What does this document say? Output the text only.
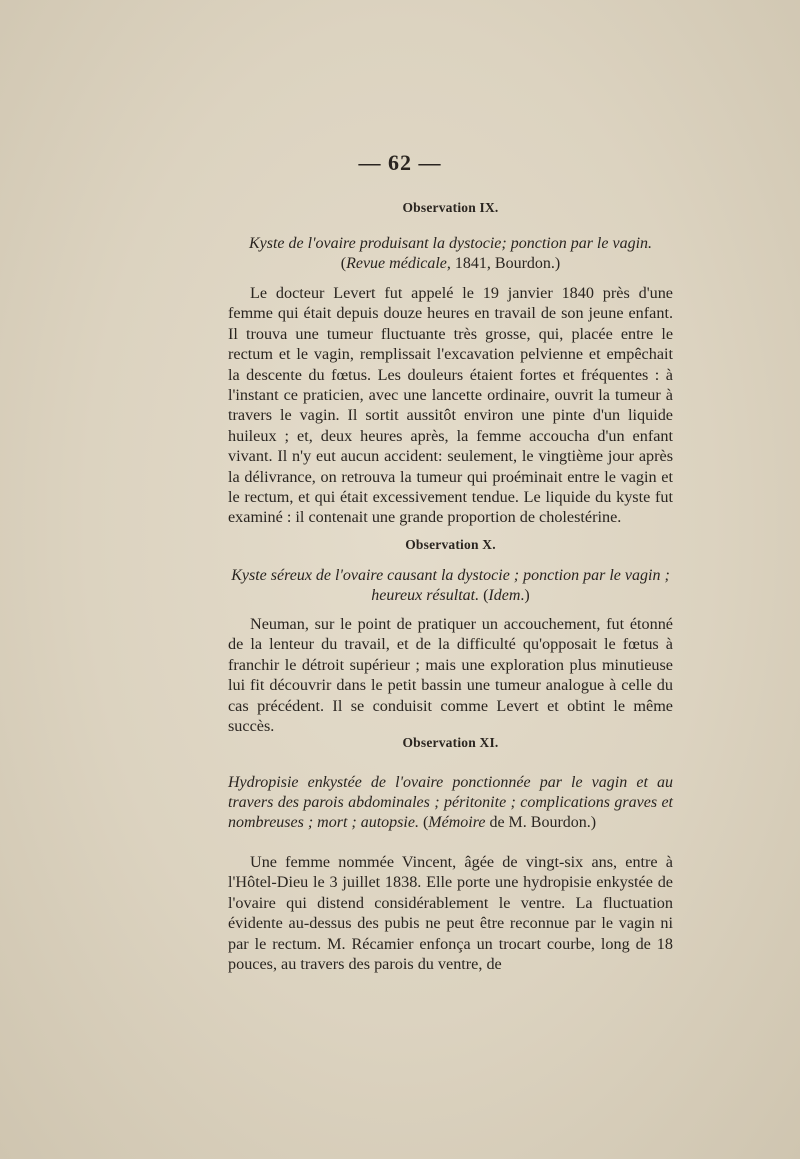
— 62 —
Observation IX.
Kyste de l'ovaire produisant la dystocie; ponction par le vagin.
(Revue médicale, 1841, Bourdon.)

Le docteur Levert fut appelé le 19 janvier 1840 près d'une femme qui était depuis douze heures en travail de son jeune enfant. Il trouva une tumeur fluctuante très grosse, qui, placée entre le rectum et le vagin, remplissait l'excavation pelvienne et empêchait la descente du fœtus. Les douleurs étaient fortes et fréquentes : à l'instant ce praticien, avec une lancette ordinaire, ouvrit la tumeur à travers le vagin. Il sortit aussitôt environ une pinte d'un liquide huileux ; et, deux heures après, la femme accoucha d'un enfant vivant. Il n'y eut aucun accident: seulement, le vingtième jour après la délivrance, on retrouva la tumeur qui proéminait entre le vagin et le rectum, et qui était excessivement tendue. Le liquide du kyste fut examiné : il contenait une grande proportion de cholestérine.

Observation X.
Kyste séreux de l'ovaire causant la dystocie ; ponction par le vagin ; heureux résultat. (Idem.)

Neuman, sur le point de pratiquer un accouchement, fut étonné de la lenteur du travail, et de la difficulté qu'opposait le fœtus à franchir le détroit supérieur ; mais une exploration plus minutieuse lui fit découvrir dans le petit bassin une tumeur analogue à celle du cas précédent. Il se conduisit comme Levert et obtint le même succès.

Observation XI.
Hydropisie enkystée de l'ovaire ponctionnée par le vagin et au travers des parois abdominales ; péritonite ; complications graves et nombreuses ; mort ; autopsie. (Mémoire de M. Bourdon.)

Une femme nommée Vincent, âgée de vingt-six ans, entre à l'Hôtel-Dieu le 3 juillet 1838. Elle porte une hydropisie enkystée de l'ovaire qui distend considérablement le ventre. La fluctuation évidente au-dessus des pubis ne peut être reconnue par le vagin ni par le rectum. M. Récamier enfonça un trocart courbe, long de 18 pouces, au travers des parois du ventre, de
